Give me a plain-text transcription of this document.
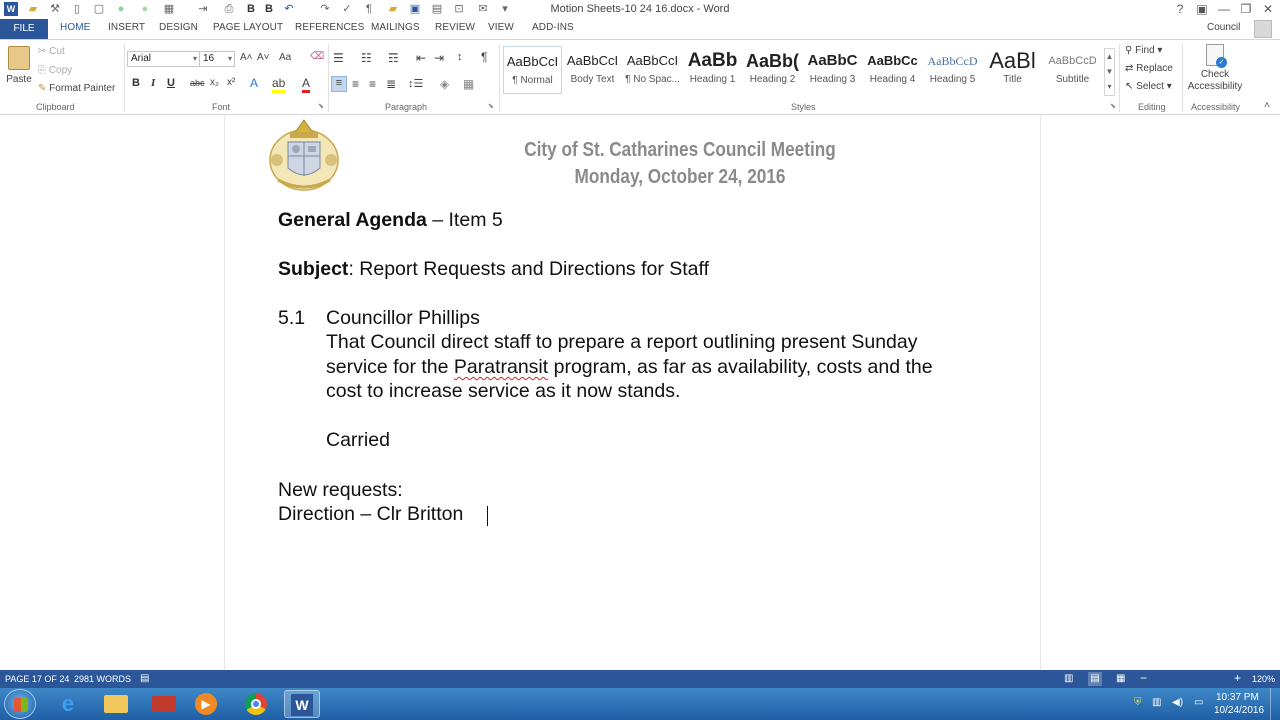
W ▰ ⚒	▯	▢	●	●	▦ ⇥ ⎙ B B ↶ ↷ ✓	¶	▰ ▣ ▤ ⊡ ✉	▾	Motion Sheets-10 24 16.docx - Word	?	▣ — ❐ ✕
FILE	HOME INSERT DESIGN PAGE LAYOUT REFERENCES MAILINGS REVIEW VIEW ADD-INS	Council
Paste
✂ Cut
⎘ Copy
✎ Format Painter
Clipboard
Arial	▾ 16 ▾ A˄ A˅ Aa ⌫
B I U abc x₂ x² A ab A
Font	⬊
☰ ☷ ☶ ⇤ ⇥ ↕ ¶
≡ ≡ ≡ ≣ ↕☰ ◈ ▦
Paragraph	⬊
AaBbCcI
¶ Normal
AaBbCcI
Body Text
AaBbCcI
¶ No Spac...
AaBb
Heading 1
AaBb(
Heading 2
AaBbC
Heading 3
AaBbCc
Heading 4
AaBbCcD
Heading 5
AaBl
Title
AaBbCcD
Subtitle
▲
▼
▾
Styles	⬊
⚲ Find ▾
⇄ Replace
↖ Select ▾
Editing
✓
Check Accessibility
Accessibility ˄
City of St. Catharines Council Meeting
Monday, October 24, 2016
General Agenda – Item 5
Subject: Report Requests and Directions for Staff
5.1 Councillor Phillips
That Council direct staff to prepare a report outlining present Sunday
service for the Paratransit program, as far as availability, costs and the
cost to increase service as it now stands.
Carried
New requests:
Direction – Clr Britton
PAGE 17 OF 24 2981 WORDS ▤	▥ ▤ ▦ −	+ 120%
e	▶	W	⛨ ▥ ◀) ▭ 10:37 PM
10/24/2016
